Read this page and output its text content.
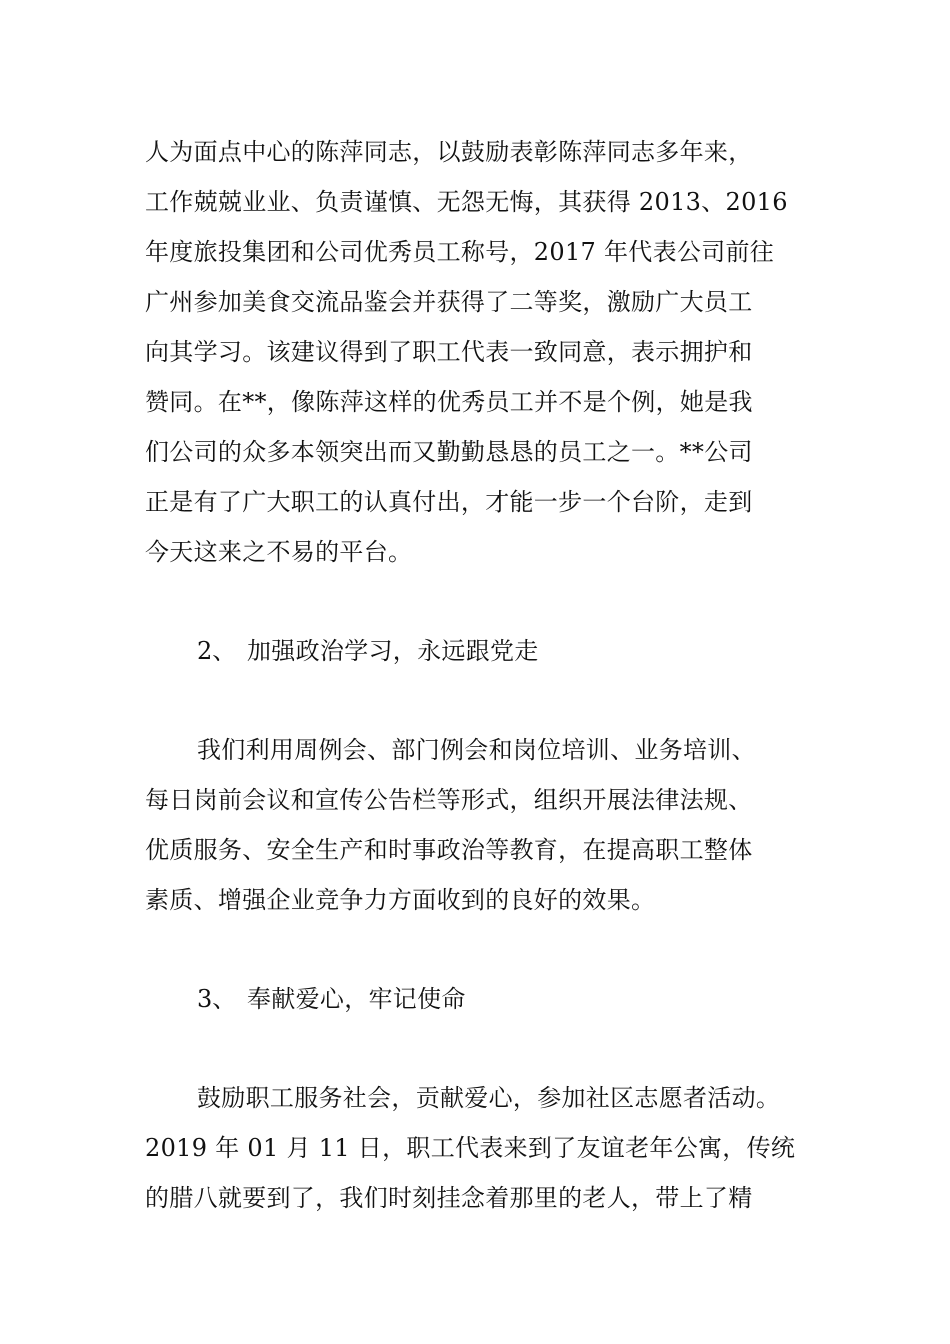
人为面点中心的陈萍同志，以鼓励表彰陈萍同志多年来，
工作兢兢业业、负责谨慎、无怨无悔，其获得 2013、2016
年度旅投集团和公司优秀员工称号，2017 年代表公司前往
广州参加美食交流品鉴会并获得了二等奖，激励广大员工
向其学习。该建议得到了职工代表一致同意，表示拥护和
赞同。在**，像陈萍这样的优秀员工并不是个例，她是我
们公司的众多本领突出而又勤勤恳恳的员工之一。**公司
正是有了广大职工的认真付出，才能一步一个台阶，走到
今天这来之不易的平台。
2、 加强政治学习，永远跟党走
我们利用周例会、部门例会和岗位培训、业务培训、
每日岗前会议和宣传公告栏等形式，组织开展法律法规、
优质服务、安全生产和时事政治等教育，在提高职工整体
素质、增强企业竞争力方面收到的良好的效果。
3、 奉献爱心，牢记使命
鼓励职工服务社会，贡献爱心，参加社区志愿者活动。
2019 年 01 月 11 日，职工代表来到了友谊老年公寓，传统
的腊八就要到了，我们时刻挂念着那里的老人，带上了精
